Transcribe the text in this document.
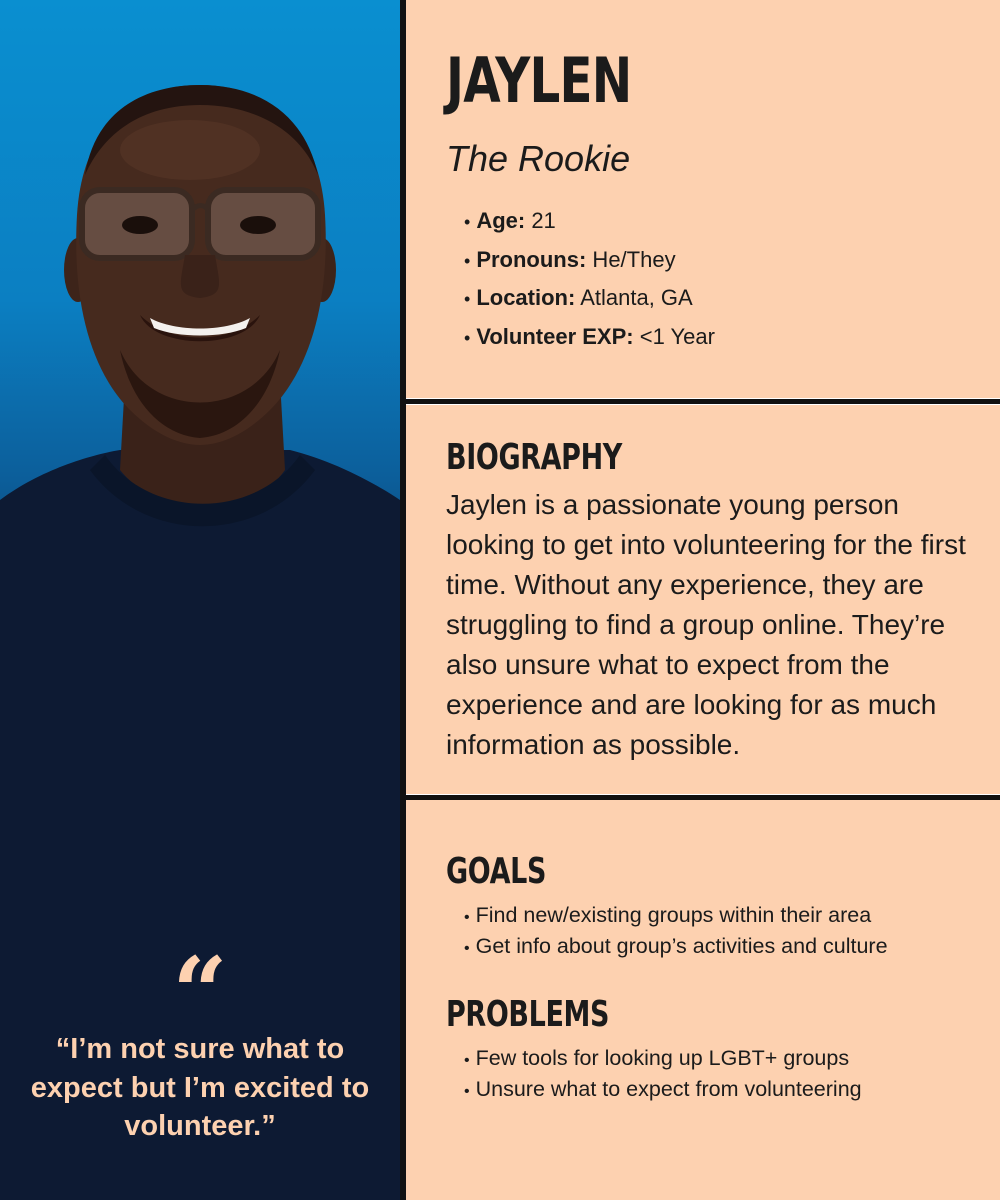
“
“I’m not sure what to expect but I’m excited to volunteer.”
JAYLEN
The Rookie
• Age: 21
• Pronouns: He/They
• Location: Atlanta, GA
• Volunteer EXP: <1 Year
BIOGRAPHY
Jaylen is a passionate young person looking to get into volunteering for the first time. Without any experience, they are struggling to find a group online. They’re also unsure what to expect from the experience and are looking for as much information as possible.
GOALS
• Find new/existing groups within their area
• Get info about group’s activities and culture
PROBLEMS
• Few tools for looking up LGBT+ groups
• Unsure what to expect from volunteering
